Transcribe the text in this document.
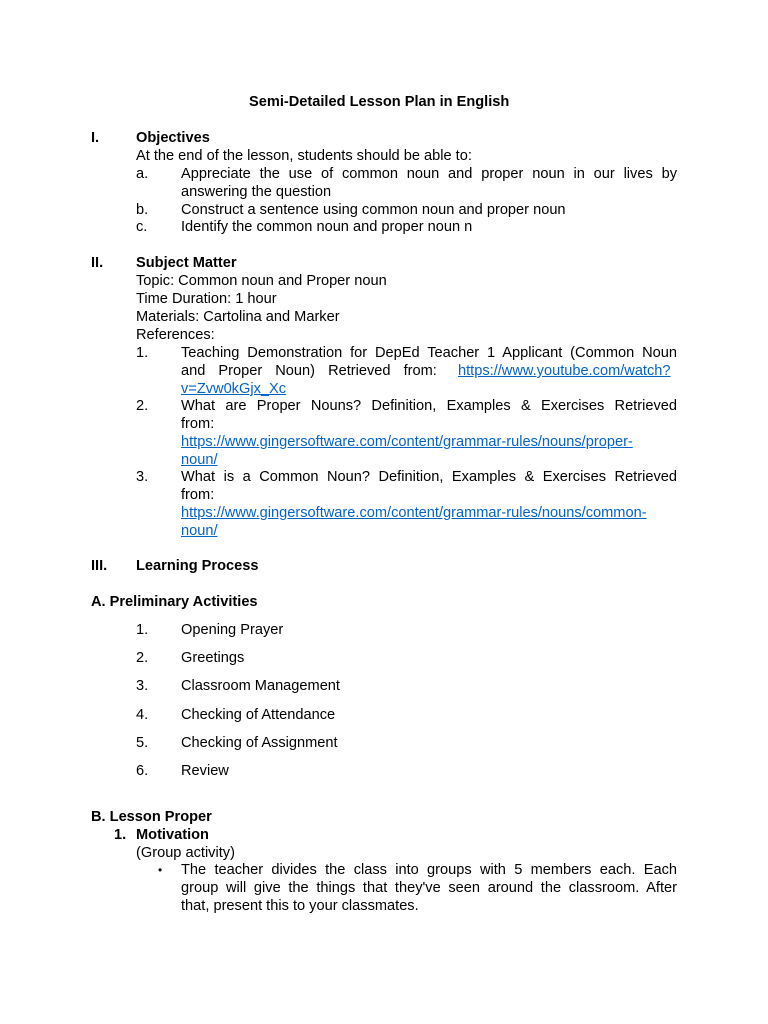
Semi-Detailed Lesson Plan in English
I.	Objectives
At the end of the lesson, students should be able to:
a. Appreciate the use of common noun and proper noun in our lives by
answering the question
b. Construct a sentence using common noun and proper noun
c. Identify the common noun and proper noun n
II. Subject Matter
Topic: Common noun and Proper noun
Time Duration: 1 hour
Materials: Cartolina and Marker
References:
1. Teaching Demonstration for DepEd Teacher 1 Applicant (Common Noun
and Proper Noun) Retrieved from: https://www.youtube.com/watch?
v=Zvw0kGjx_Xc
2. What are Proper Nouns? Definition, Examples & Exercises Retrieved
from:
https://www.gingersoftware.com/content/grammar-rules/nouns/proper-
noun/
3. What is a Common Noun? Definition, Examples & Exercises Retrieved
from:
https://www.gingersoftware.com/content/grammar-rules/nouns/common-
noun/
III. Learning Process
A. Preliminary Activities
1. Opening Prayer
2. Greetings
3. Classroom Management
4. Checking of Attendance
5. Checking of Assignment
6. Review
B. Lesson Proper
1. Motivation
(Group activity)
• The teacher divides the class into groups with 5 members each. Each
group will give the things that they've seen around the classroom. After
that, present this to your classmates.
